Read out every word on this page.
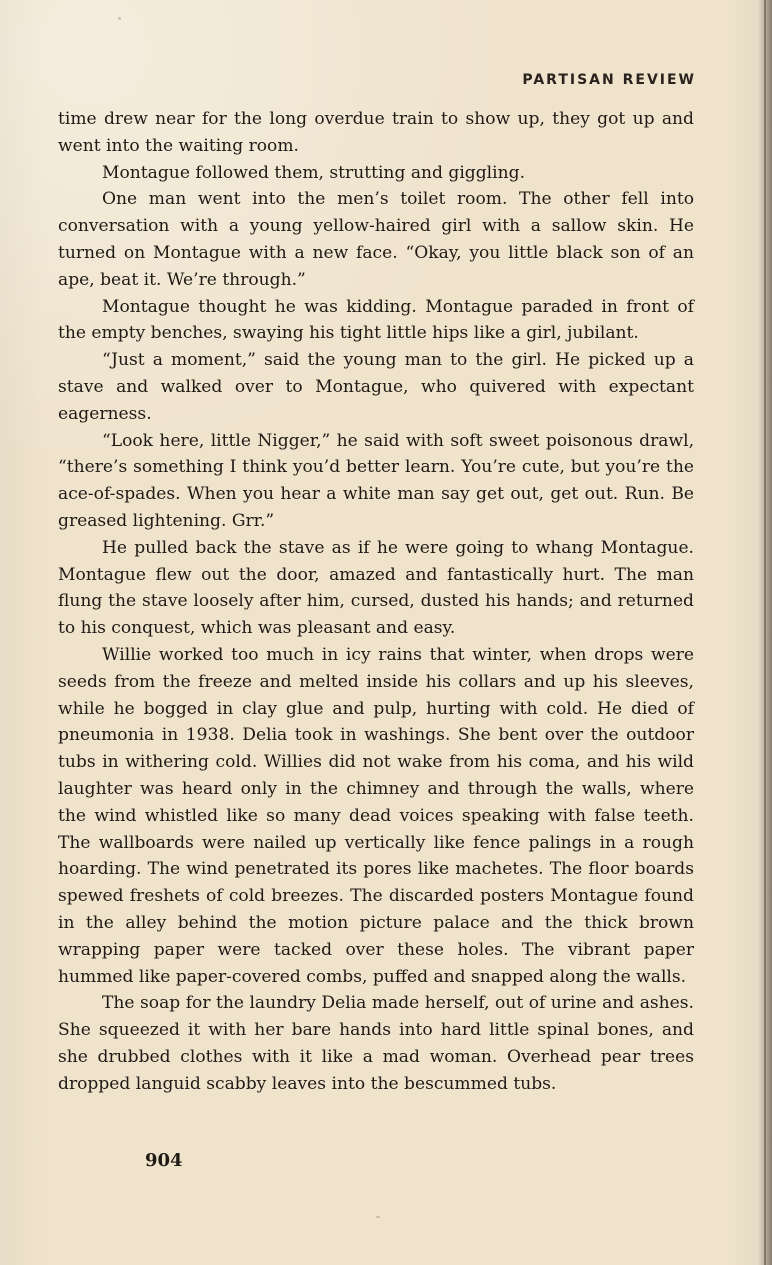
PARTISAN REVIEW

time drew near for the long overdue train to show up, they got up and went into the waiting room.

Montague followed them, strutting and giggling.

One man went into the men’s toilet room. The other fell into conversation with a young yellow-haired girl with a sallow skin. He turned on Montague with a new face. “Okay, you little black son of an ape, beat it. We’re through.”

Montague thought he was kidding. Montague paraded in front of the empty benches, swaying his tight little hips like a girl, jubilant.

“Just a moment,” said the young man to the girl. He picked up a stave and walked over to Montague, who quivered with expectant eagerness.

“Look here, little Nigger,” he said with soft sweet poisonous drawl, “there’s something I think you’d better learn. You’re cute, but you’re the ace-of-spades. When you hear a white man say get out, get out. Run. Be greased lightening. Grr.”

He pulled back the stave as if he were going to whang Montague. Montague flew out the door, amazed and fantastically hurt. The man flung the stave loosely after him, cursed, dusted his hands; and returned to his conquest, which was pleasant and easy.

Willie worked too much in icy rains that winter, when drops were seeds from the freeze and melted inside his collars and up his sleeves, while he bogged in clay glue and pulp, hurting with cold. He died of pneumonia in 1938. Delia took in washings. She bent over the outdoor tubs in withering cold. Willies did not wake from his coma, and his wild laughter was heard only in the chimney and through the walls, where the wind whistled like so many dead voices speaking with false teeth. The wallboards were nailed up vertically like fence palings in a rough hoarding. The wind penetrated its pores like machetes. The floor boards spewed freshets of cold breezes. The discarded posters Montague found in the alley behind the motion picture palace and the thick brown wrapping paper were tacked over these holes. The vibrant paper hummed like paper-covered combs, puffed and snapped along the walls.

The soap for the laundry Delia made herself, out of urine and ashes. She squeezed it with her bare hands into hard little spinal bones, and she drubbed clothes with it like a mad woman. Overhead pear trees dropped languid scabby leaves into the bescummed tubs.

904
